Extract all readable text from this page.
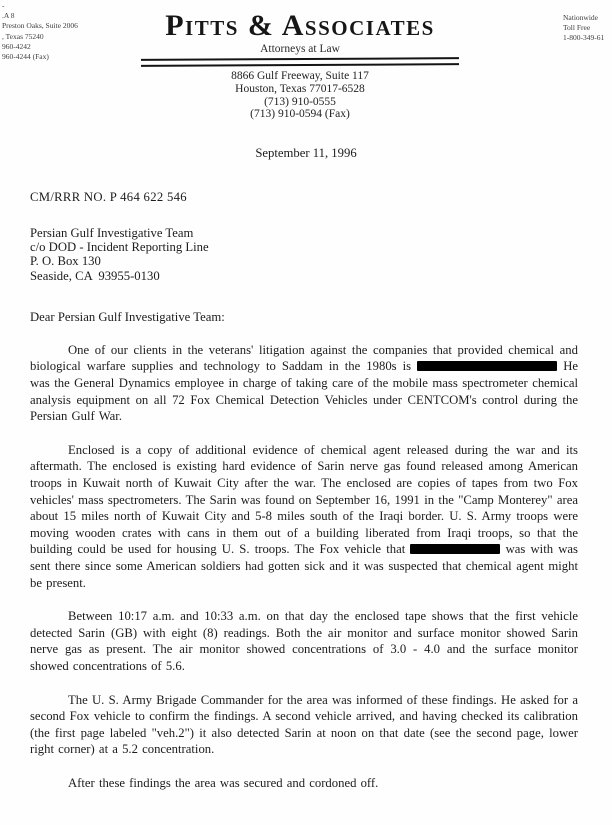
-
.A 8
Preston Oaks, Suite 2006
, Texas 75240
960-4242
960-4244 (Fax)
Nationwide
Toll Free
1-800-349-61
Pitts & Associates
Attorneys at Law
8866 Gulf Freeway, Suite 117
Houston, Texas 77017-6528
(713) 910-0555
(713) 910-0594 (Fax)
September 11, 1996
CM/RRR NO. P 464 622 546
Persian Gulf Investigative Team
c/o DOD - Incident Reporting Line
P. O. Box 130
Seaside, CA  93955-0130
Dear Persian Gulf Investigative Team:

One of our clients in the veterans' litigation against the companies that provided chemical and biological warfare supplies and technology to Saddam in the 1980s is	He was the General Dynamics employee in charge of taking care of the mobile mass spectrometer chemical analysis equipment on all 72 Fox Chemical Detection Vehicles under CENTCOM's control during the Persian Gulf War.

Enclosed is a copy of additional evidence of chemical agent released during the war and its aftermath. The enclosed is existing hard evidence of Sarin nerve gas found released among American troops in Kuwait north of Kuwait City after the war. The enclosed are copies of tapes from two Fox vehicles' mass spectrometers. The Sarin was found on September 16, 1991 in the "Camp Monterey" area about 15 miles north of Kuwait City and 5-8 miles south of the Iraqi border. U. S. Army troops were moving wooden crates with cans in them out of a building liberated from Iraqi troops, so that the building could be used for housing U. S. troops. The Fox vehicle that	was with was sent there since some American soldiers had gotten sick and it was suspected that chemical agent might be present.

Between 10:17 a.m. and 10:33 a.m. on that day the enclosed tape shows that the first vehicle detected Sarin (GB) with eight (8) readings. Both the air monitor and surface monitor showed Sarin nerve gas as present. The air monitor showed concentrations of 3.0 - 4.0 and the surface monitor showed concentrations of 5.6.

The U. S. Army Brigade Commander for the area was informed of these findings. He asked for a second Fox vehicle to confirm the findings. A second vehicle arrived, and having checked its calibration (the first page labeled "veh.2") it also detected Sarin at noon on that date (see the second page, lower right corner) at a 5.2 concentration.

After these findings the area was secured and cordoned off.
